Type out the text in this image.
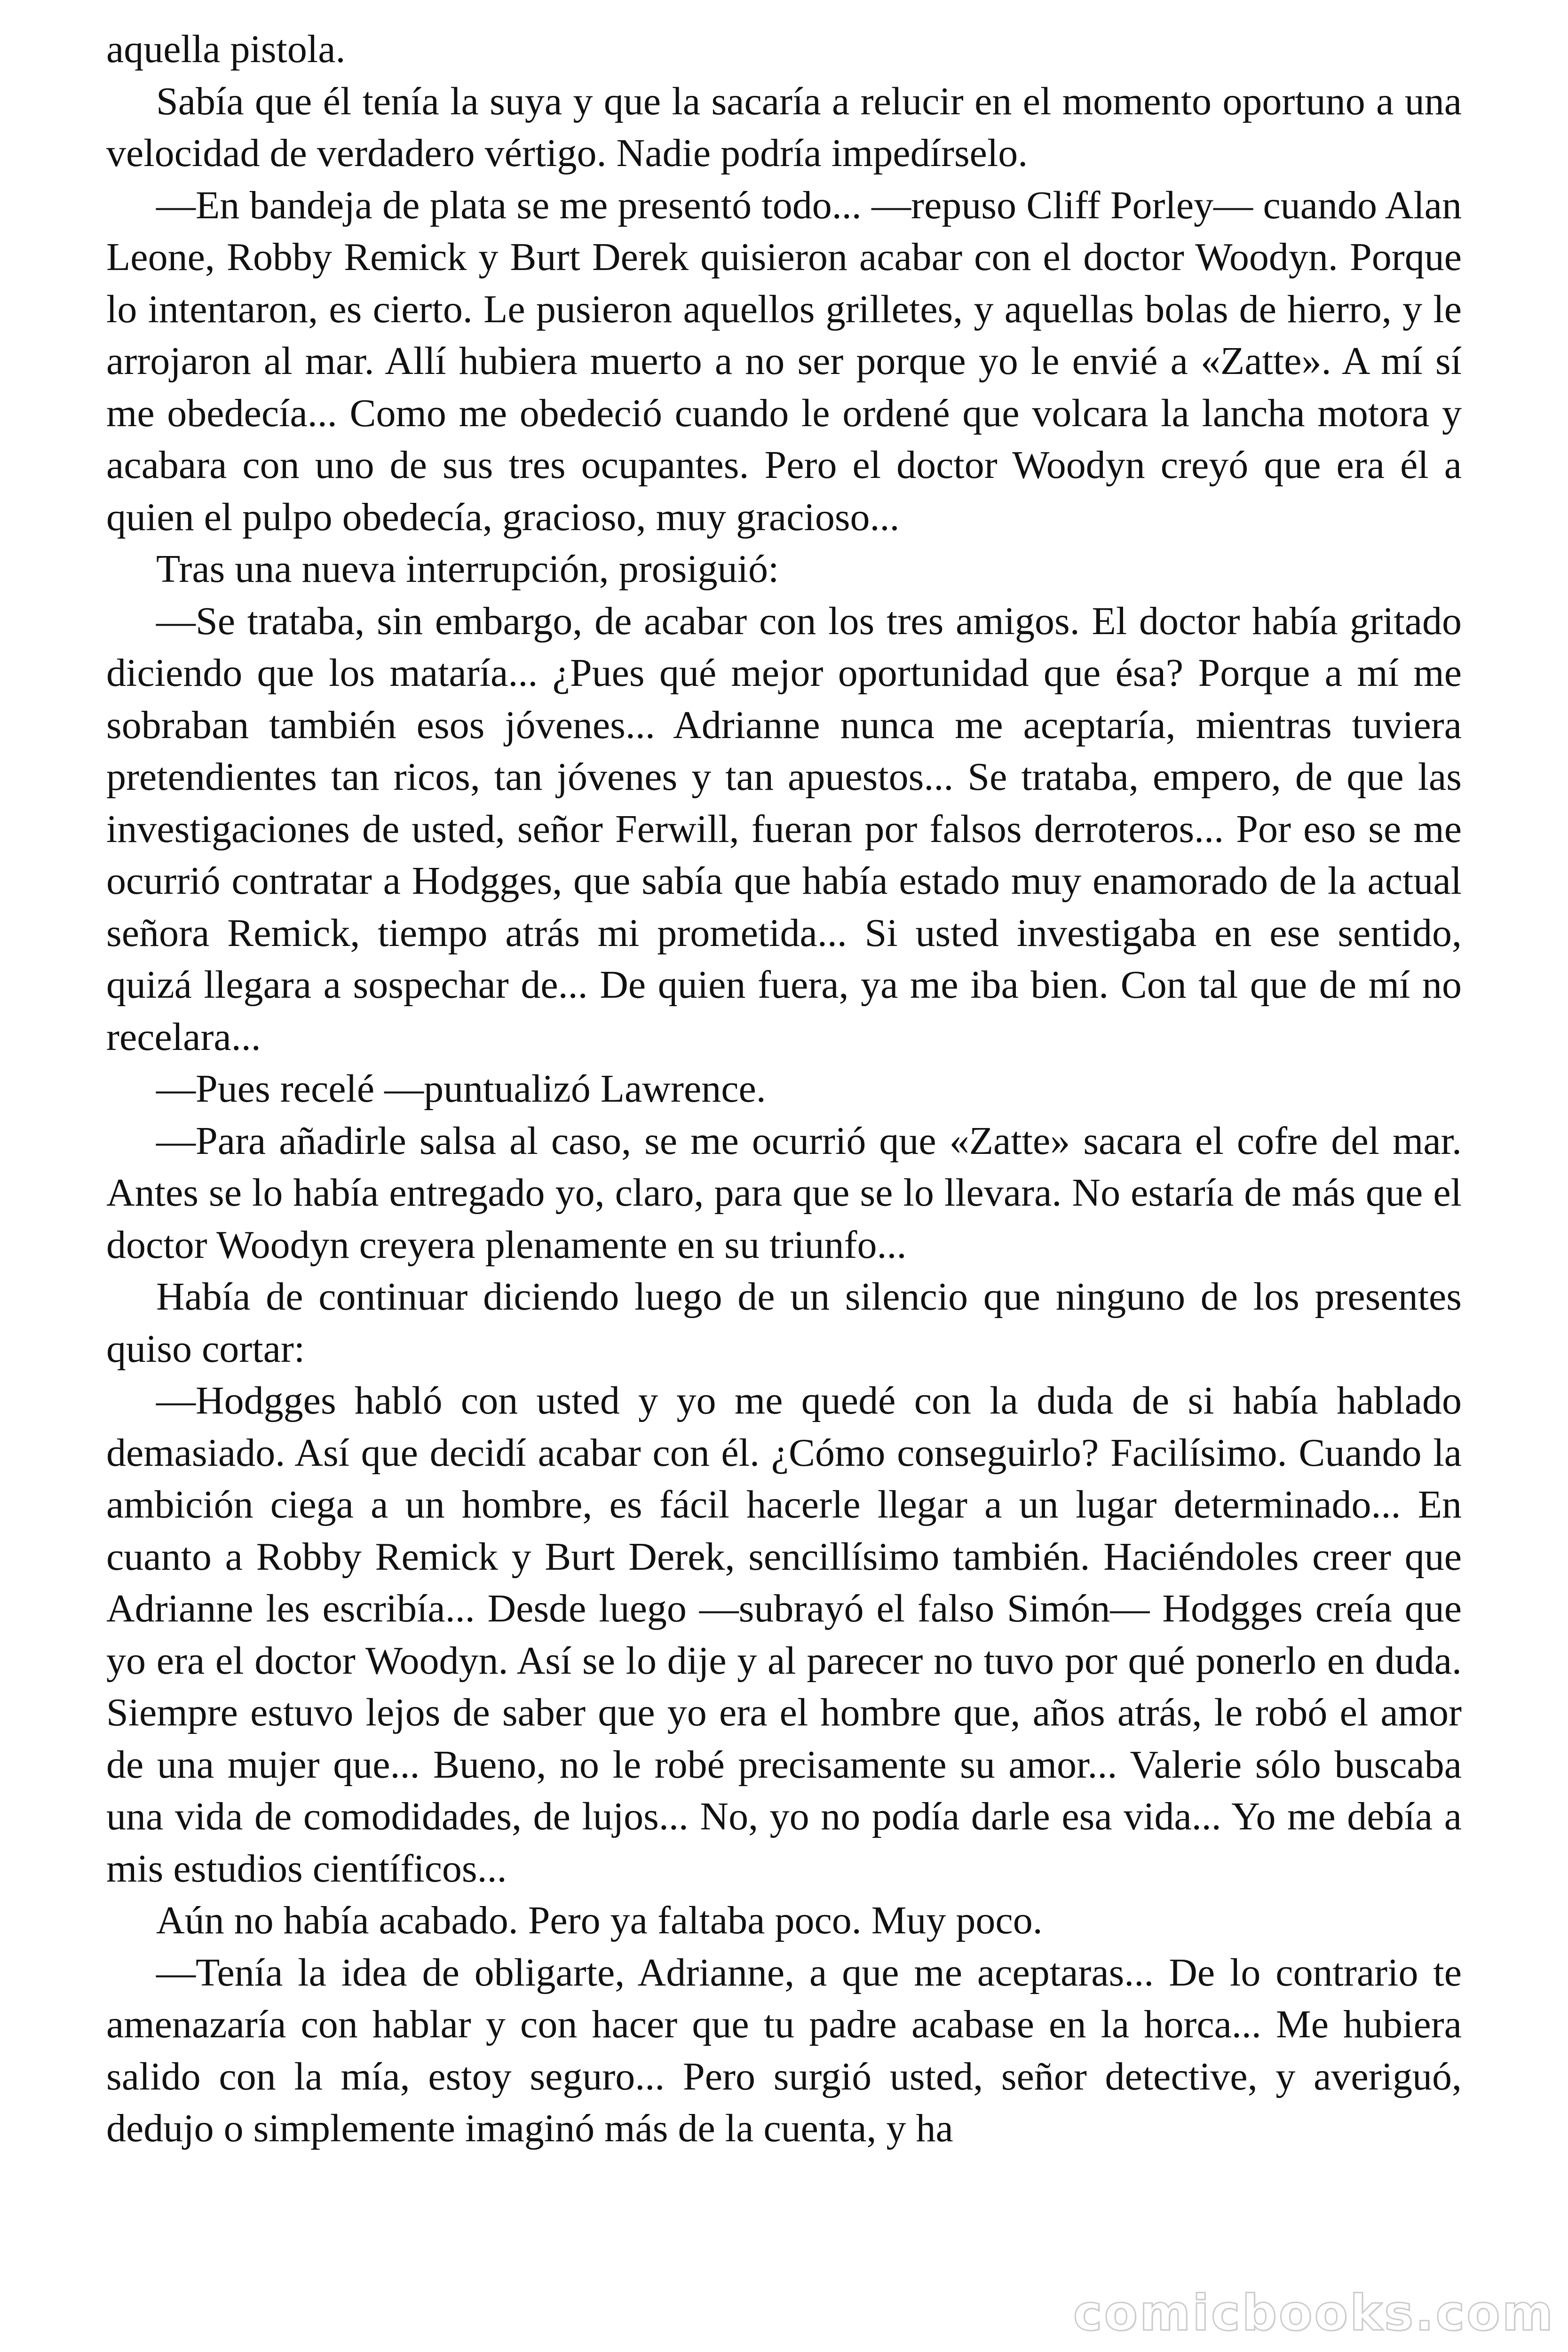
aquella pistola.

Sabía que él tenía la suya y que la sacaría a relucir en el momento oportuno a una velocidad de verdadero vértigo. Nadie podría impedírselo.

—En bandeja de plata se me presentó todo... —repuso Cliff Porley— cuando Alan Leone, Robby Remick y Burt Derek quisieron acabar con el doctor Woodyn. Porque lo intentaron, es cierto. Le pusieron aquellos grilletes, y aquellas bolas de hierro, y le arrojaron al mar. Allí hubiera muerto a no ser porque yo le envié a «Zatte». A mí sí me obedecía... Como me obedeció cuando le ordené que volcara la lancha motora y acabara con uno de sus tres ocupantes. Pero el doctor Woodyn creyó que era él a quien el pulpo obedecía, gracioso, muy gracioso...

Tras una nueva interrupción, prosiguió:

—Se trataba, sin embargo, de acabar con los tres amigos. El doctor había gritado diciendo que los mataría... ¿Pues qué mejor oportunidad que ésa? Porque a mí me sobraban también esos jóvenes... Adrianne nunca me aceptaría, mientras tuviera pretendientes tan ricos, tan jóvenes y tan apuestos... Se trataba, empero, de que las investigaciones de usted, señor Ferwill, fueran por falsos derroteros... Por eso se me ocurrió contratar a Hodgges, que sabía que había estado muy enamorado de la actual señora Remick, tiempo atrás mi prometida... Si usted investigaba en ese sentido, quizá llegara a sospechar de... De quien fuera, ya me iba bien. Con tal que de mí no recelara...

—Pues recelé —puntualizó Lawrence.

—Para añadirle salsa al caso, se me ocurrió que «Zatte» sacara el cofre del mar. Antes se lo había entregado yo, claro, para que se lo llevara. No estaría de más que el doctor Woodyn creyera plenamente en su triunfo...

Había de continuar diciendo luego de un silencio que ninguno de los presentes quiso cortar:

—Hodgges habló con usted y yo me quedé con la duda de si había hablado demasiado. Así que decidí acabar con él. ¿Cómo conseguirlo? Facilísimo. Cuando la ambición ciega a un hombre, es fácil hacerle llegar a un lugar determinado... En cuanto a Robby Remick y Burt Derek, sencillísimo también. Haciéndoles creer que Adrianne les escribía... Desde luego —subrayó el falso Simón— Hodgges creía que yo era el doctor Woodyn. Así se lo dije y al parecer no tuvo por qué ponerlo en duda. Siempre estuvo lejos de saber que yo era el hombre que, años atrás, le robó el amor de una mujer que... Bueno, no le robé precisamente su amor... Valerie sólo buscaba una vida de comodidades, de lujos... No, yo no podía darle esa vida... Yo me debía a mis estudios científicos...

Aún no había acabado. Pero ya faltaba poco. Muy poco.

—Tenía la idea de obligarte, Adrianne, a que me aceptaras... De lo contrario te amenazaría con hablar y con hacer que tu padre acabase en la horca... Me hubiera salido con la mía, estoy seguro... Pero surgió usted, señor detective, y averiguó, dedujo o simplemente imaginó más de la cuenta, y ha

comicbooks.com
